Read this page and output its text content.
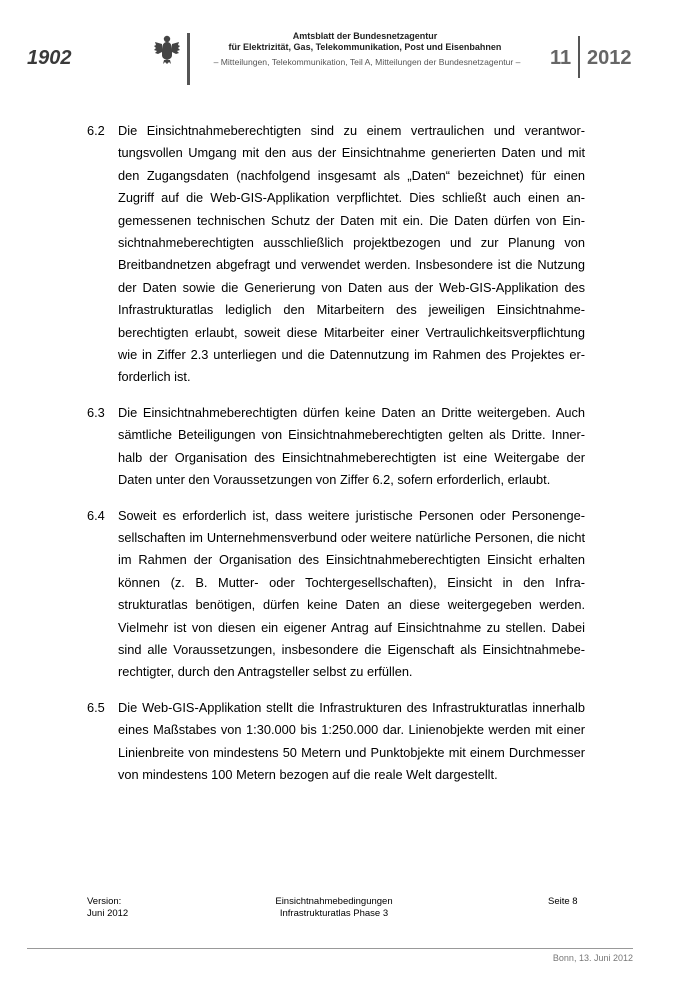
1902
Amtsblatt der Bundesnetzagentur
für Elektrizität, Gas, Telekommunikation, Post und Eisenbahnen
– Mitteilungen, Telekommunikation, Teil A, Mitteilungen der Bundesnetzagentur –	11 2012
6.2	Die Einsichtnahmeberechtigten sind zu einem vertraulichen und verantwortungsvollen Umgang mit den aus der Einsichtnahme generierten Daten und mit den Zugangsdaten (nachfolgend insgesamt als „Daten“ bezeichnet) für einen Zugriff auf die Web-GIS-Applikation verpflichtet. Dies schließt auch einen angemessenen technischen Schutz der Daten mit ein. Die Daten dürfen von Einsichtnahmeberechtigten ausschließlich projektbezogen und zur Planung von Breitbandnetzen abgefragt und verwendet werden. Insbesondere ist die Nutzung der Daten sowie die Generierung von Daten aus der Web-GIS-Applikation des Infrastrukturatlas lediglich den Mitarbeitern des jeweiligen Einsichtnahmeberechtigten erlaubt, soweit diese Mitarbeiter einer Vertraulichkeitsverpflichtung wie in Ziffer 2.3 unterliegen und die Datennutzung im Rahmen des Projektes erforderlich ist.
6.3	Die Einsichtnahmeberechtigten dürfen keine Daten an Dritte weitergeben. Auch sämtliche Beteiligungen von Einsichtnahmeberechtigten gelten als Dritte. Innerhalb der Organisation des Einsichtnahmeberechtigten ist eine Weitergabe der Daten unter den Voraussetzungen von Ziffer 6.2, sofern erforderlich, erlaubt.
6.4	Soweit es erforderlich ist, dass weitere juristische Personen oder Personengesellschaften im Unternehmensverbund oder weitere natürliche Personen, die nicht im Rahmen der Organisation des Einsichtnahmeberechtigten Einsicht erhalten können (z. B. Mutter- oder Tochtergesellschaften), Einsicht in den Infrastrukturatlas benötigen, dürfen keine Daten an diese weitergegeben werden. Vielmehr ist von diesen ein eigener Antrag auf Einsichtnahme zu stellen. Dabei sind alle Voraussetzungen, insbesondere die Eigenschaft als Einsichtnahmeberechtigter, durch den Antragsteller selbst zu erfüllen.
6.5	Die Web-GIS-Applikation stellt die Infrastrukturen des Infrastrukturatlas innerhalb eines Maßstabes von 1:30.000 bis 1:250.000 dar. Linienobjekte werden mit einer Linienbreite von mindestens 50 Metern und Punktobjekte mit einem Durchmesser von mindestens 100 Metern bezogen auf die reale Welt dargestellt.
Version:
Juni 2012
Einsichtnahmebedingungen
Infrastrukturatlas Phase 3
Seite 8
Bonn, 13. Juni 2012
